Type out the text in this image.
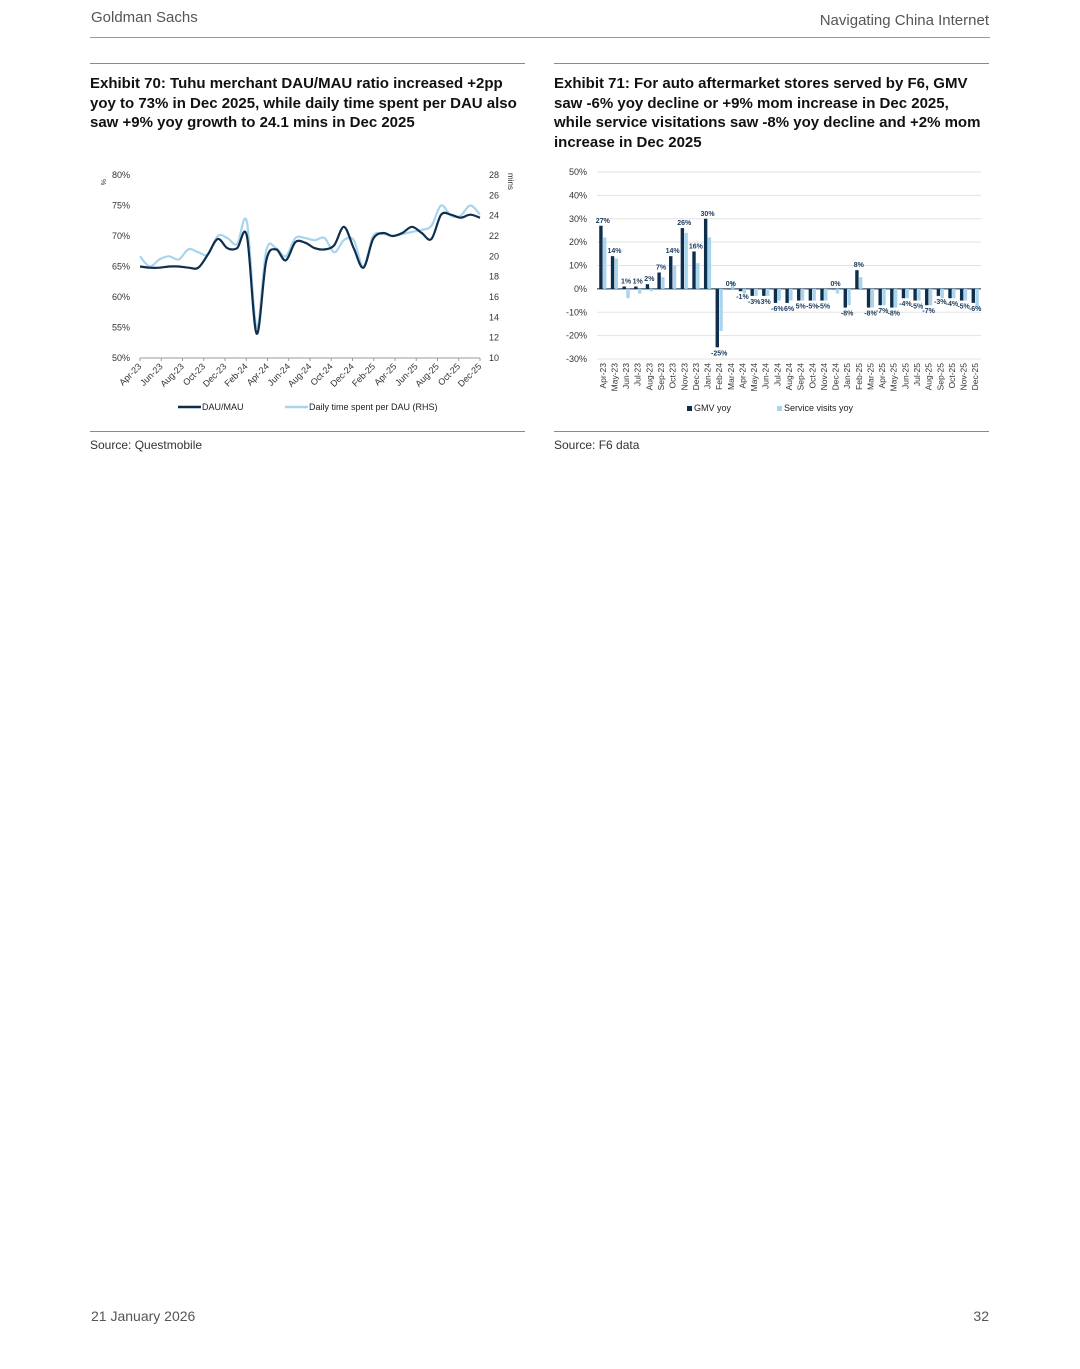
Goldman Sachs	Navigating China Internet
Exhibit 70: Tuhu merchant DAU/MAU ratio increased +2pp yoy to 73% in Dec 2025, while daily time spent per DAU also saw +9% yoy growth to 24.1 mins in Dec 2025
50%
55%
60%
65%
70%
75%
80%
10
12
14
16
18
20
22
24
26
28
%	mins
Apr-23
Jun-23
Aug-23
Oct-23
Dec-23
Feb-24
Apr-24
Jun-24
Aug-24
Oct-24
Dec-24
Feb-25
Apr-25
Jun-25
Aug-25
Oct-25
Dec-25
DAU/MAU	Daily time spent per DAU (RHS)
Source: Questmobile
Exhibit 71: For auto aftermarket stores served by F6, GMV saw -6% yoy decline or +9% mom increase in Dec 2025, while service visitations saw -8% yoy decline and +2% mom increase in Dec 2025
-30%
-20%
-10%
0%
10%
20%
30%
40%
50%
27%
Apr-23
14%
May-23
1%
Jun-23
1%
Jul-23
2%
Aug-23
7%
Sep-23
14%
Oct-23
26%
Nov-23
16%
Dec-23
30%
Jan-24
-25%
Feb-24
0%
Mar-24
-1%
Apr-24
-3%
May-24
3%
Jun-24
-6%
Jul-24
6%
Aug-24
5%
Sep-24
-5%
Oct-24
-5%
Nov-24
0%
Dec-24
-8%
Jan-25
8%
Feb-25
-8%
Mar-25
-7%
Apr-25
-8%
May-25
-4%
Jun-25
-5%
Jul-25
-7%
Aug-25
-3%
Sep-25
-4%
Oct-25
-5%
Nov-25
-6%
Dec-25
GMV yoy	Service visits yoy
Source: F6 data
21 January 2026	32
